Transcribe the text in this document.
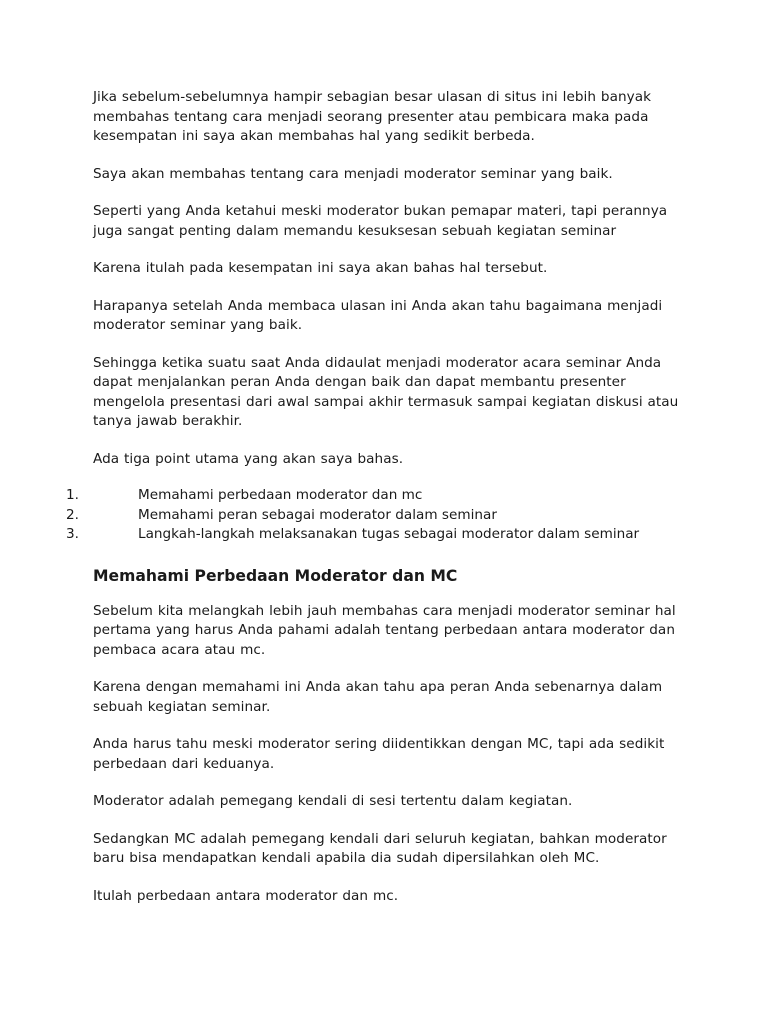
Jika sebelum-sebelumnya hampir sebagian besar ulasan di situs ini lebih banyak membahas tentang cara menjadi seorang presenter atau pembicara maka pada kesempatan ini saya akan membahas hal yang sedikit berbeda.

Saya akan membahas tentang cara menjadi moderator seminar yang baik.

Seperti yang Anda ketahui meski moderator bukan pemapar materi, tapi perannya juga sangat penting dalam memandu kesuksesan sebuah kegiatan seminar

Karena itulah pada kesempatan ini saya akan bahas hal tersebut.

Harapanya setelah Anda membaca ulasan ini Anda akan tahu bagaimana menjadi moderator seminar yang baik.

Sehingga ketika suatu saat Anda didaulat menjadi moderator acara seminar Anda dapat menjalankan peran Anda dengan baik dan dapat membantu presenter mengelola presentasi dari awal sampai akhir termasuk sampai kegiatan diskusi atau tanya jawab berakhir.

Ada tiga point utama yang akan saya bahas.

1.	Memahami perbedaan moderator dan mc
2.	Memahami peran sebagai moderator dalam seminar
3.	Langkah-langkah melaksanakan tugas sebagai moderator dalam seminar
Memahami Perbedaan Moderator dan MC

Sebelum kita melangkah lebih jauh membahas cara menjadi moderator seminar hal pertama yang harus Anda pahami adalah tentang perbedaan antara moderator dan pembaca acara atau mc.

Karena dengan memahami ini Anda akan tahu apa peran Anda sebenarnya dalam sebuah kegiatan seminar.

Anda harus tahu meski moderator sering diidentikkan dengan MC, tapi ada sedikit perbedaan dari keduanya.

Moderator adalah pemegang kendali di sesi tertentu dalam kegiatan.

Sedangkan MC adalah pemegang kendali dari seluruh kegiatan, bahkan moderator baru bisa mendapatkan kendali apabila dia sudah dipersilahkan oleh MC.

Itulah perbedaan antara moderator dan mc.
